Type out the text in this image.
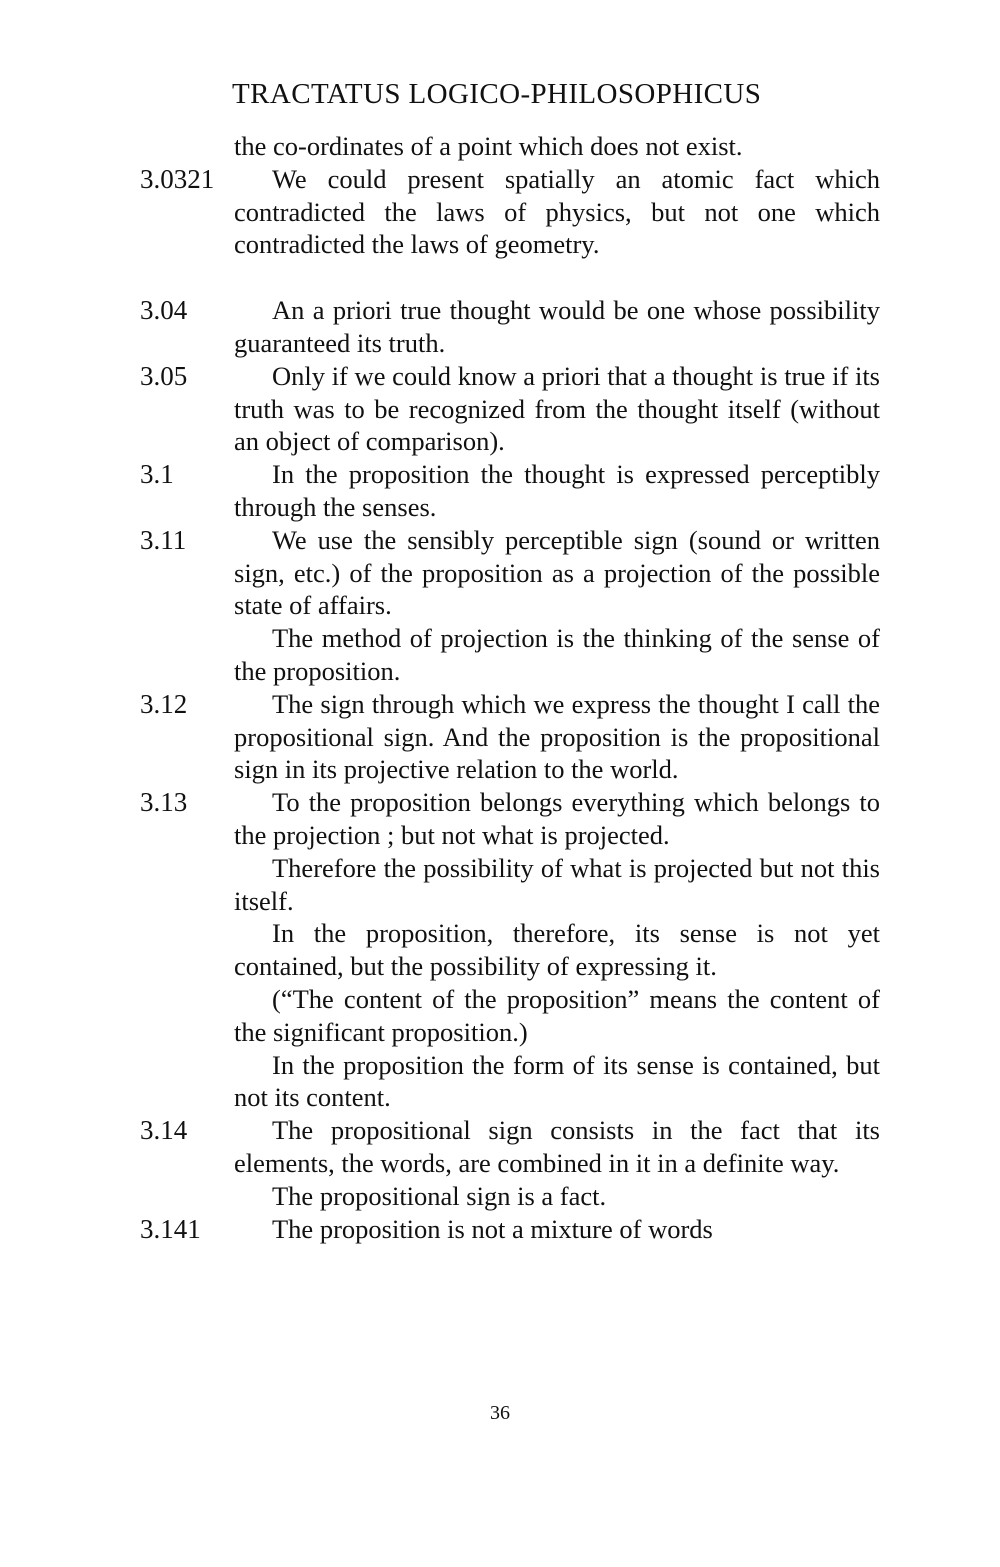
TRACTATUS LOGICO-PHILOSOPHICUS
the co-ordinates of a point which does not exist.
3.0321	We could present spatially an atomic fact which contradicted the laws of physics, but not one which contradicted the laws of geometry.
3.04	An a priori true thought would be one whose possibility guaranteed its truth.
3.05	Only if we could know a priori that a thought is true if its truth was to be recognized from the thought itself (without an object of comparison).
3.1	In the proposition the thought is expressed perceptibly through the senses.
3.11	We use the sensibly perceptible sign (sound or written sign, etc.) of the proposition as a projection of the possible state of affairs.
The method of projection is the thinking of the sense of the proposition.
3.12	The sign through which we express the thought I call the propositional sign. And the proposition is the propositional sign in its projective relation to the world.
3.13	To the proposition belongs everything which belongs to the projection ; but not what is projected.
Therefore the possibility of what is projected but not this itself.
In the proposition, therefore, its sense is not yet contained, but the possibility of expressing it.
(“The content of the proposition” means the content of the significant proposition.)
In the proposition the form of its sense is contained, but not its content.
3.14	The propositional sign consists in the fact that its elements, the words, are combined in it in a definite way.
The propositional sign is a fact.
3.141	The proposition is not a mixture of words
36
